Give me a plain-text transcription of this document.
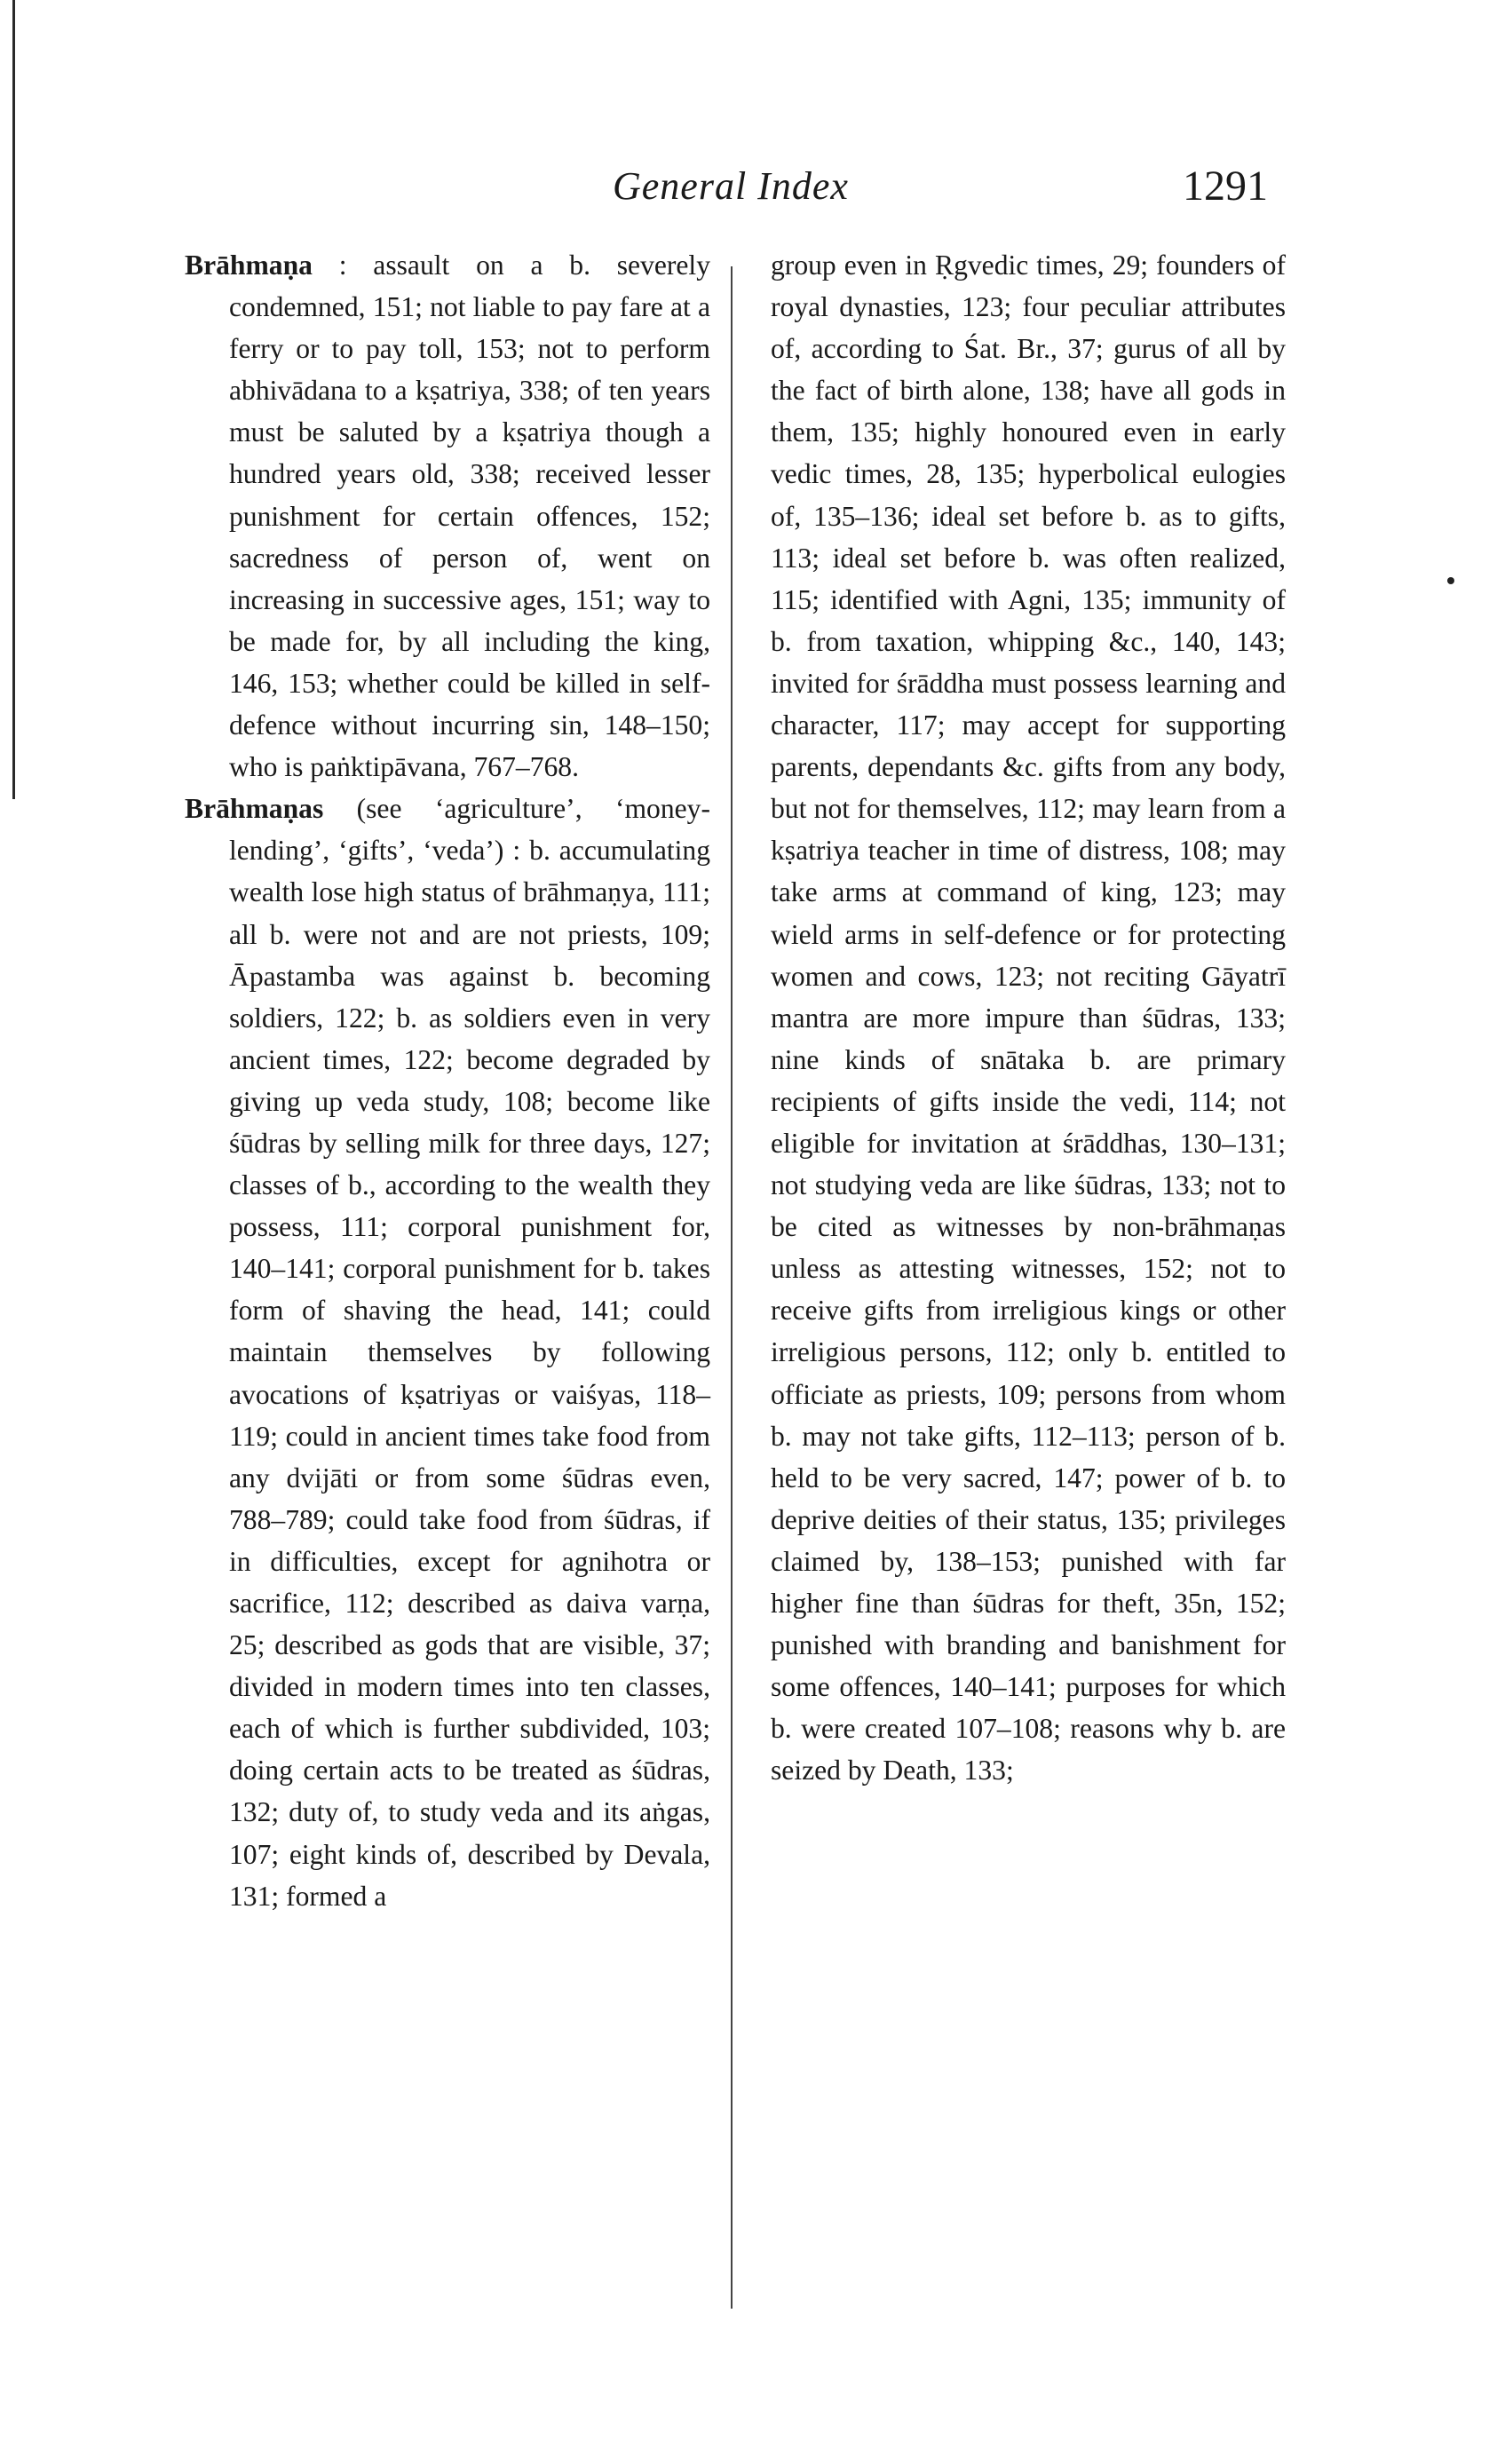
General Index	1291

Brāhmaṇa : assault on a b. severely condemned, 151; not liable to pay fare at a ferry or to pay toll, 153; not to perform abhivādana to a kṣatriya, 338; of ten years must be saluted by a kṣatriya though a hundred years old, 338; received lesser punishment for certain offences, 152; sacredness of person of, went on increasing in successive ages, 151; way to be made for, by all including the king, 146, 153; whether could be killed in self-defence without incurring sin, 148–150; who is paṅktipāvana, 767–768.

Brāhmaṇas (see ‘agriculture’, ‘money-lending’, ‘gifts’, ‘veda’) : b. accumulating wealth lose high status of brāhmaṇya, 111; all b. were not and are not priests, 109; Āpastamba was against b. becoming soldiers, 122; b. as soldiers even in very ancient times, 122; become degraded by giving up veda study, 108; become like śūdras by selling milk for three days, 127; classes of b., according to the wealth they possess, 111; corporal punishment for, 140–141; corporal punishment for b. takes form of shaving the head, 141; could maintain themselves by following avocations of kṣatriyas or vaiśyas, 118–119; could in ancient times take food from any dvijāti or from some śūdras even, 788–789; could take food from śūdras, if in difficulties, except for agnihotra or sacrifice, 112; described as daiva varṇa, 25; described as gods that are visible, 37; divided in modern times into ten classes, each of which is further subdivided, 103; doing certain acts to be treated as śūdras, 132; duty of, to study veda and its aṅgas, 107; eight kinds of, described by Devala, 131; formed a

group even in Ṛgvedic times, 29; founders of royal dynasties, 123; four peculiar attributes of, according to Śat. Br., 37; gurus of all by the fact of birth alone, 138; have all gods in them, 135; highly honoured even in early vedic times, 28, 135; hyperbolical eulogies of, 135–136; ideal set before b. as to gifts, 113; ideal set before b. was often realized, 115; identified with Agni, 135; immunity of b. from taxation, whipping &c., 140, 143; invited for śrāddha must possess learning and character, 117; may accept for supporting parents, dependants &c. gifts from any body, but not for themselves, 112; may learn from a kṣatriya teacher in time of distress, 108; may take arms at command of king, 123; may wield arms in self-defence or for protecting women and cows, 123; not reciting Gāyatrī mantra are more impure than śūdras, 133; nine kinds of snātaka b. are primary recipients of gifts inside the vedi, 114; not eligible for invitation at śrāddhas, 130–131; not studying veda are like śūdras, 133; not to be cited as witnesses by non-brāhmaṇas unless as attesting witnesses, 152; not to receive gifts from irreligious kings or other irreligious persons, 112; only b. entitled to officiate as priests, 109; persons from whom b. may not take gifts, 112–113; person of b. held to be very sacred, 147; power of b. to deprive deities of their status, 135; privileges claimed by, 138–153; punished with far higher fine than śūdras for theft, 35n, 152; punished with branding and banishment for some offences, 140–141; purposes for which b. were created 107–108; reasons why b. are seized by Death, 133;
